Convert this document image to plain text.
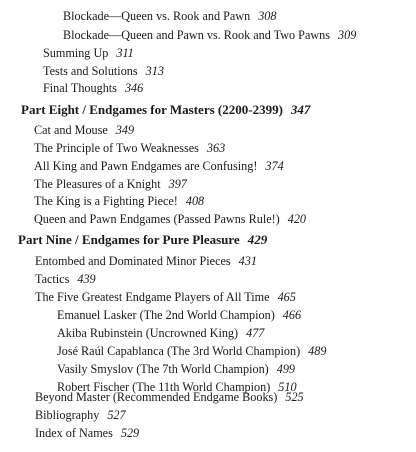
Blockade—Queen vs. Rook and Pawn 308
Blockade—Queen and Pawn vs. Rook and Two Pawns 309
Summing Up 311
Tests and Solutions 313
Final Thoughts 346
Part Eight / Endgames for Masters (2200-2399) 347
Cat and Mouse 349
The Principle of Two Weaknesses 363
All King and Pawn Endgames are Confusing! 374
The Pleasures of a Knight 397
The King is a Fighting Piece! 408
Queen and Pawn Endgames (Passed Pawns Rule!) 420
Part Nine / Endgames for Pure Pleasure 429
Entombed and Dominated Minor Pieces 431
Tactics 439
The Five Greatest Endgame Players of All Time 465
Emanuel Lasker (The 2nd World Champion) 466
Akiba Rubinstein (Uncrowned King) 477
José Raúl Capablanca (The 3rd World Champion) 489
Vasily Smyslov (The 7th World Champion) 499
Robert Fischer (The 11th World Champion) 510
Beyond Master (Recommended Endgame Books) 525
Bibliography 527
Index of Names 529
